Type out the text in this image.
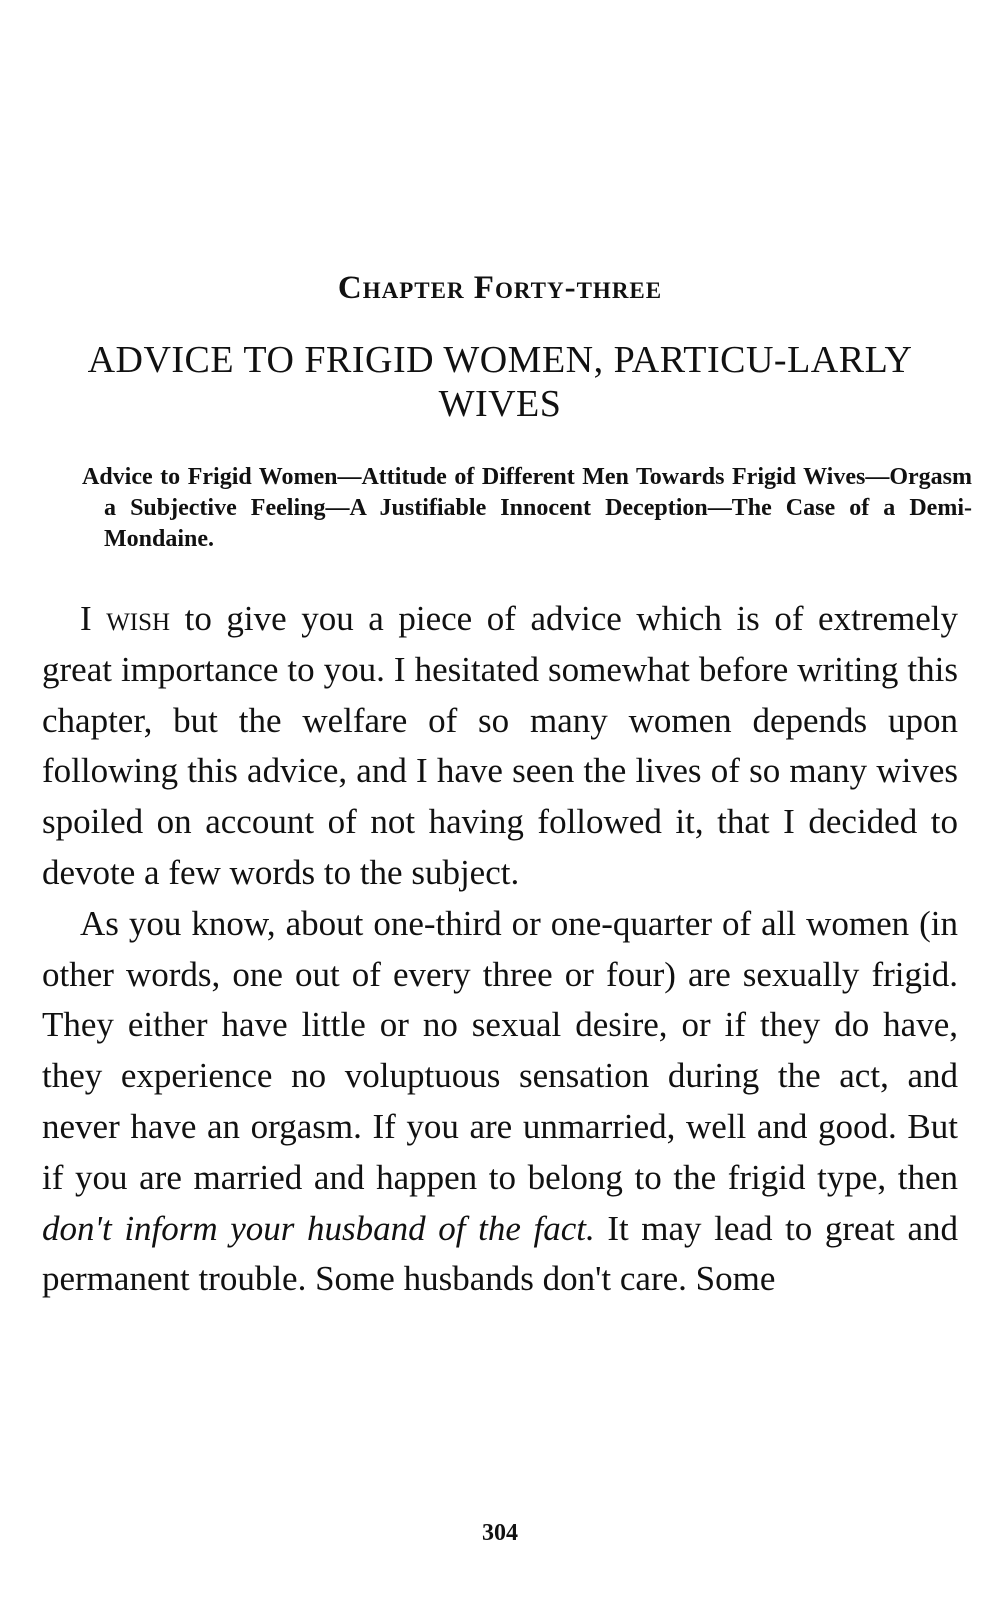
Chapter Forty-three
ADVICE TO FRIGID WOMEN, PARTICU-LARLY WIVES
Advice to Frigid Women—Attitude of Different Men Towards Frigid Wives—Orgasm a Subjective Feeling—A Justifiable Innocent Deception—The Case of a Demi-Mondaine.

I wish to give you a piece of advice which is of extremely great importance to you. I hesitated somewhat before writing this chapter, but the welfare of so many women depends upon following this advice, and I have seen the lives of so many wives spoiled on account of not having followed it, that I decided to devote a few words to the subject.

As you know, about one-third or one-quarter of all women (in other words, one out of every three or four) are sexually frigid. They either have little or no sexual desire, or if they do have, they experience no voluptuous sensation during the act, and never have an orgasm. If you are unmarried, well and good. But if you are married and happen to belong to the frigid type, then don't inform your husband of the fact. It may lead to great and permanent trouble. Some husbands don't care. Some

304
